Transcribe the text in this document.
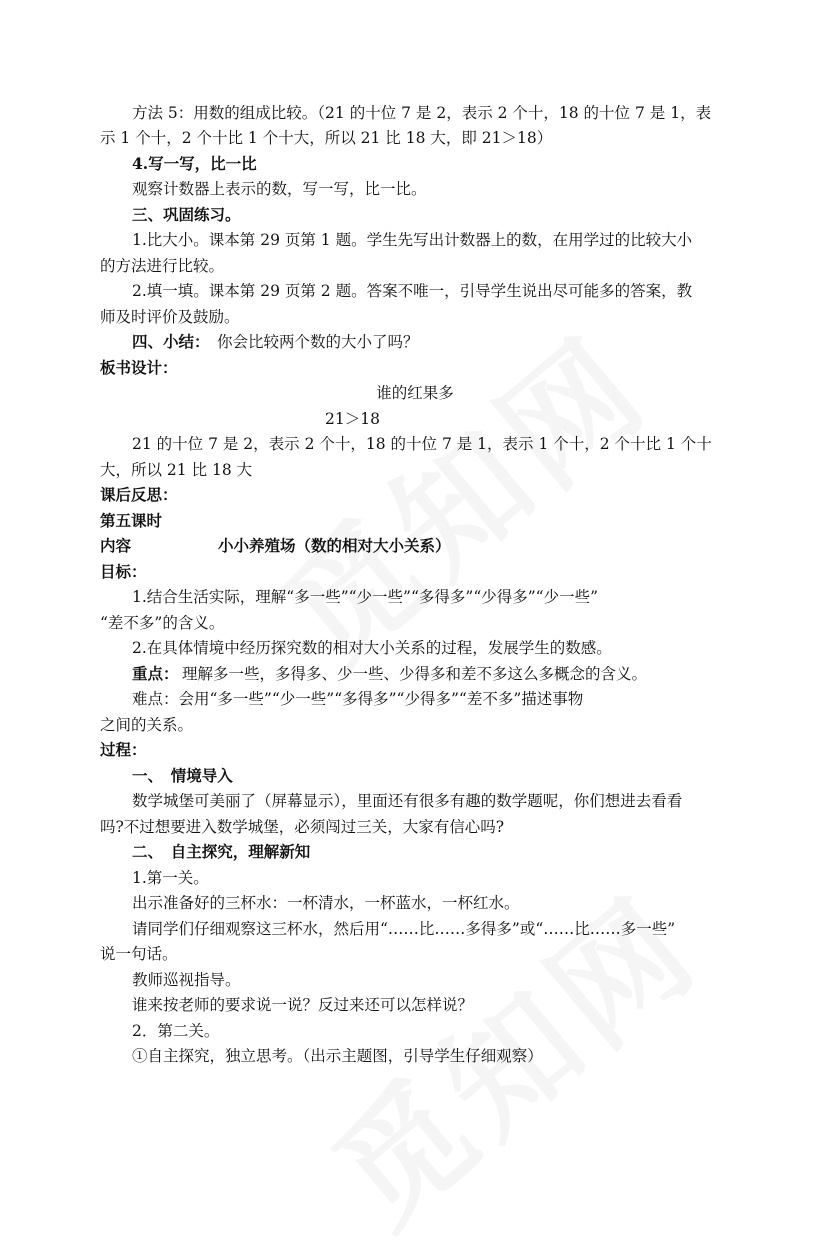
方法 5：用数的组成比较。（21 的十位 7 是 2，表示 2 个十，18 的十位 7 是 1，表
示 1 个十，2 个十比 1 个十大，所以 21 比 18 大，即 21＞18）
4.写一写，比一比
观察计数器上表示的数，写一写，比一比。
三、巩固练习。
1.比大小。课本第 29 页第 1 题。学生先写出计数器上的数，在用学过的比较大小
的方法进行比较。
2.填一填。课本第 29 页第 2 题。答案不唯一，引导学生说出尽可能多的答案，教
师及时评价及鼓励。
四、小结： 你会比较两个数的大小了吗？
板书设计：
谁的红果多
21＞18
21 的十位 7 是 2，表示 2 个十，18 的十位 7 是 1，表示 1 个十，2 个十比 1 个十
大，所以 21 比 18 大
课后反思：
第五课时
内容	小小养殖场（数的相对大小关系）
目标：
1.结合生活实际，理解“多一些”“少一些”“多得多”“少得多”“少一些”
“差不多”的含义。
2.在具体情境中经历探究数的相对大小关系的过程，发展学生的数感。
重点： 理解多一些，多得多、少一些、少得多和差不多这么多概念的含义。
难点：会用“多一些”“少一些”“多得多”“少得多”“差不多”描述事物
之间的关系。
过程：
一、　情境导入
数学城堡可美丽了（屏幕显示），里面还有很多有趣的数学题呢，你们想进去看看
吗?不过想要进入数学城堡，必须闯过三关，大家有信心吗?
二、　自主探究，理解新知
1.第一关。
出示准备好的三杯水：一杯清水，一杯蓝水，一杯红水。
请同学们仔细观察这三杯水，然后用“……比……多得多”或“……比……多一些”
说一句话。
教师巡视指导。
谁来按老师的要求说一说？反过来还可以怎样说？
2．第二关。
①自主探究，独立思考。（出示主题图，引导学生仔细观察）
